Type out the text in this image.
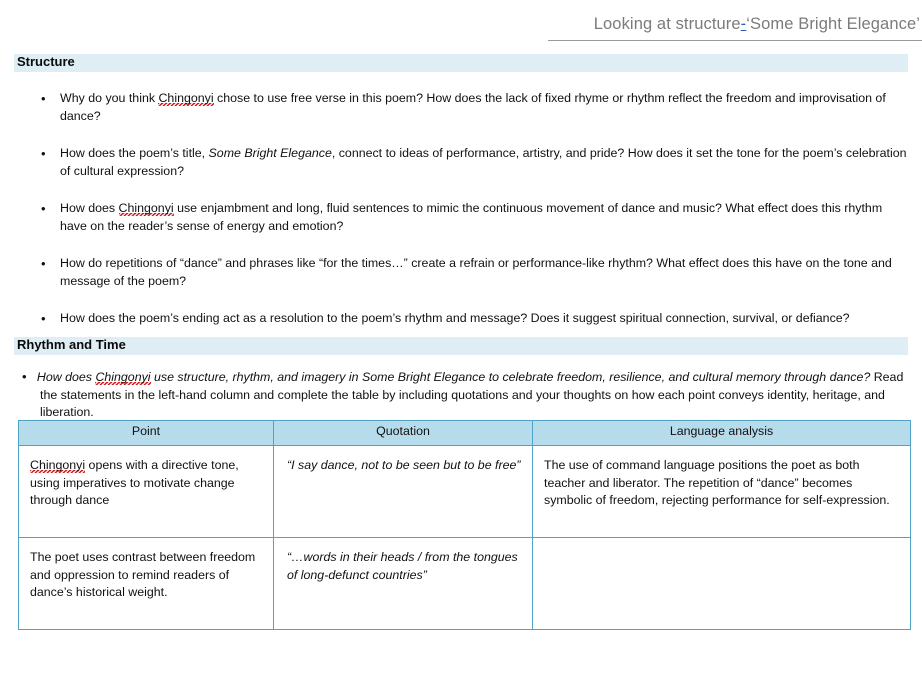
Looking at structure-‘Some Bright Elegance’
Structure
• Why do you think Chingonyi chose to use free verse in this poem? How does the lack of fixed rhyme or rhythm reflect the freedom and improvisation of dance?
• How does the poem’s title, Some Bright Elegance, connect to ideas of performance, artistry, and pride? How does it set the tone for the poem’s celebration of cultural expression?
• How does Chingonyi use enjambment and long, fluid sentences to mimic the continuous movement of dance and music? What effect does this rhythm have on the reader’s sense of energy and emotion?
• How do repetitions of “dance” and phrases like “for the times…” create a refrain or performance-like rhythm? What effect does this have on the tone and message of the poem?
• How does the poem’s ending act as a resolution to the poem’s rhythm and message? Does it suggest spiritual connection, survival, or defiance?
Rhythm and Time
• How does Chingonyi use structure, rhythm, and imagery in Some Bright Elegance to celebrate freedom, resilience, and cultural memory through dance? Read the statements in the left-hand column and complete the table by including quotations and your thoughts on how each point conveys identity, heritage, and liberation.
Point	Quotation	Language analysis
Chingonyi opens with a directive tone, using imperatives to motivate change through dance	“I say dance, not to be seen but to be free”	The use of command language positions the poet as both teacher and liberator. The repetition of “dance” becomes symbolic of freedom, rejecting performance for self-expression.
The poet uses contrast between freedom and oppression to remind readers of dance’s historical weight.	“…words in their heads / from the tongues of long-defunct countries”	
